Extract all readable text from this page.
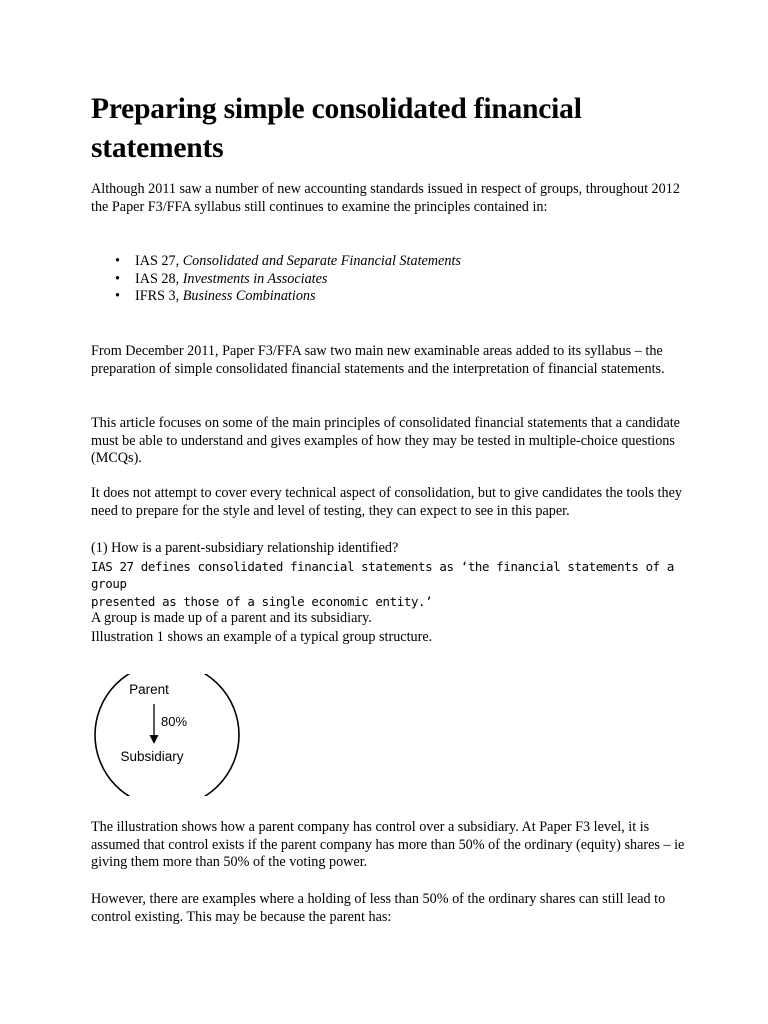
Preparing simple consolidated financial statements

Although 2011 saw a number of new accounting standards issued in respect of groups, throughout 2012 the Paper F3/FFA syllabus still continues to examine the principles contained in:

• IAS 27, Consolidated and Separate Financial Statements
• IAS 28, Investments in Associates
• IFRS 3, Business Combinations

From December 2011, Paper F3/FFA saw two main new examinable areas added to its syllabus – the preparation of simple consolidated financial statements and the interpretation of financial statements.

This article focuses on some of the main principles of consolidated financial statements that a candidate must be able to understand and gives examples of how they may be tested in multiple-choice questions (MCQs).

It does not attempt to cover every technical aspect of consolidation, but to give candidates the tools they need to prepare for the style and level of testing, they can expect to see in this paper.

(1) How is a parent-subsidiary relationship identified?
IAS 27 defines consolidated financial statements as ‘the financial statements of a group
presented as those of a single economic entity.’
A group is made up of a parent and its subsidiary.

Illustration 1 shows an example of a typical group structure.

Parent
80%
Subsidiary

The illustration shows how a parent company has control over a subsidiary. At Paper F3 level, it is assumed that control exists if the parent company has more than 50% of the ordinary (equity) shares – ie giving them more than 50% of the voting power.

However, there are examples where a holding of less than 50% of the ordinary shares can still lead to control existing. This may be because the parent has:
